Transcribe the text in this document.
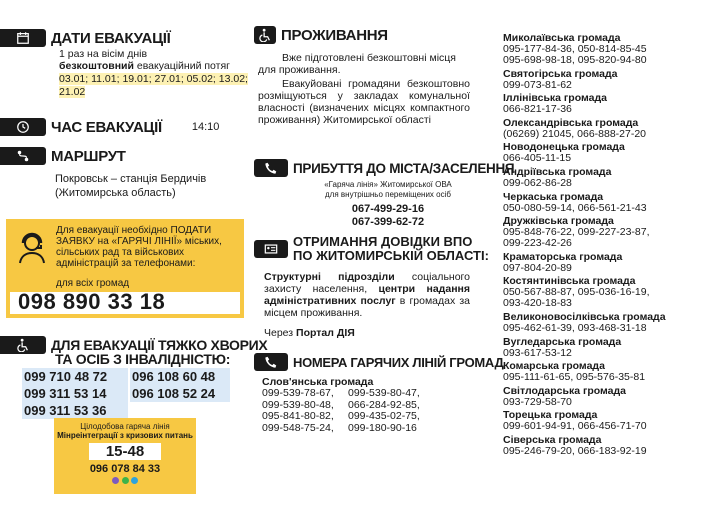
ДАТИ ЕВАКУАЦІЇ
1 раз на вісім днів
безкоштовний евакуаційний потяг
03.01; 11.01; 19.01; 27.01; 05.02; 13.02;
21.02
ЧАС ЕВАКУАЦІЇ	14:10
МАРШРУТ
Покровськ – станція Бердичів
(Житомирська область)
Для евакуації необхідно ПОДАТИ ЗАЯВКУ на «ГАРЯЧІ ЛІНІЇ» міських, сільських рад та військових адміністрацій за телефонами:
для всіх громад
098 890 33 18
ДЛЯ ЕВАКУАЦІЇ ТЯЖКО ХВОРИХ
ТА ОСІБ З ІНВАЛІДНІСТЮ:
099 710 48 72
099 311 53 14
099 311 53 36
096 108 60 48
096 108 52 24
Цілодобова гаряча лінія
Мінреінтеграції з кризових питань
15-48
096 078 84 33

ПРОЖИВАННЯ
Вже підготовлені безкоштовні місця для проживання.
Евакуйованi громадяни безкоштовно розміщуються у закладах комунальної власності (визначених місцях компактного проживання) Житомирської області
ПРИБУТТЯ ДО МІСТА/ЗАСЕЛЕННЯ
«Гаряча лінія» Житомирської ОВА
для внутрішньо переміщених осіб
067-499-29-16
067-399-62-72
ОТРИМАННЯ ДОВІДКИ ВПО
ПО ЖИТОМИРСЬКІЙ ОБЛАСТІ:
Структурні підрозділи соціального захисту населення, центри надання адміністративних послуг в громадах за місцем проживання.
Через Портал ДІЯ
НОМЕРА ГАРЯЧИХ ЛІНІЙ ГРОМАД
Слов'янська громада
099-539-78-67, 099-539-80-47,
099-539-80-48, 066-284-92-85,
095-841-80-82, 099-435-02-75,
099-548-75-24, 099-180-90-16
Миколаївська громада
095-177-84-36, 050-814-85-45
095-698-98-18, 095-820-94-80
Святогірська громада
099-073-81-62
Іллінівська громада
066-821-17-36
Олександрівська громада
(06269) 21045, 066-888-27-20
Новодонецька громада
066-405-11-15
Андріївська громада
099-062-86-28
Черкаська громада
050-080-59-14, 066-561-21-43
Дружківська громада
095-848-76-22, 099-227-23-87,
099-223-42-26
Краматорська громада
097-804-20-89
Костянтинівська громада
050-567-88-87, 095-036-16-19,
093-420-18-83
Великоновосілківська громада
095-462-61-39, 093-468-31-18
Вугледарська громада
093-617-53-12
Комарська громада
095-111-61-65, 095-576-35-81
Світлодарська громада
093-729-58-70
Торецька громада
099-601-94-91, 066-456-71-70
Сіверська громада
095-246-79-20, 066-183-92-19
